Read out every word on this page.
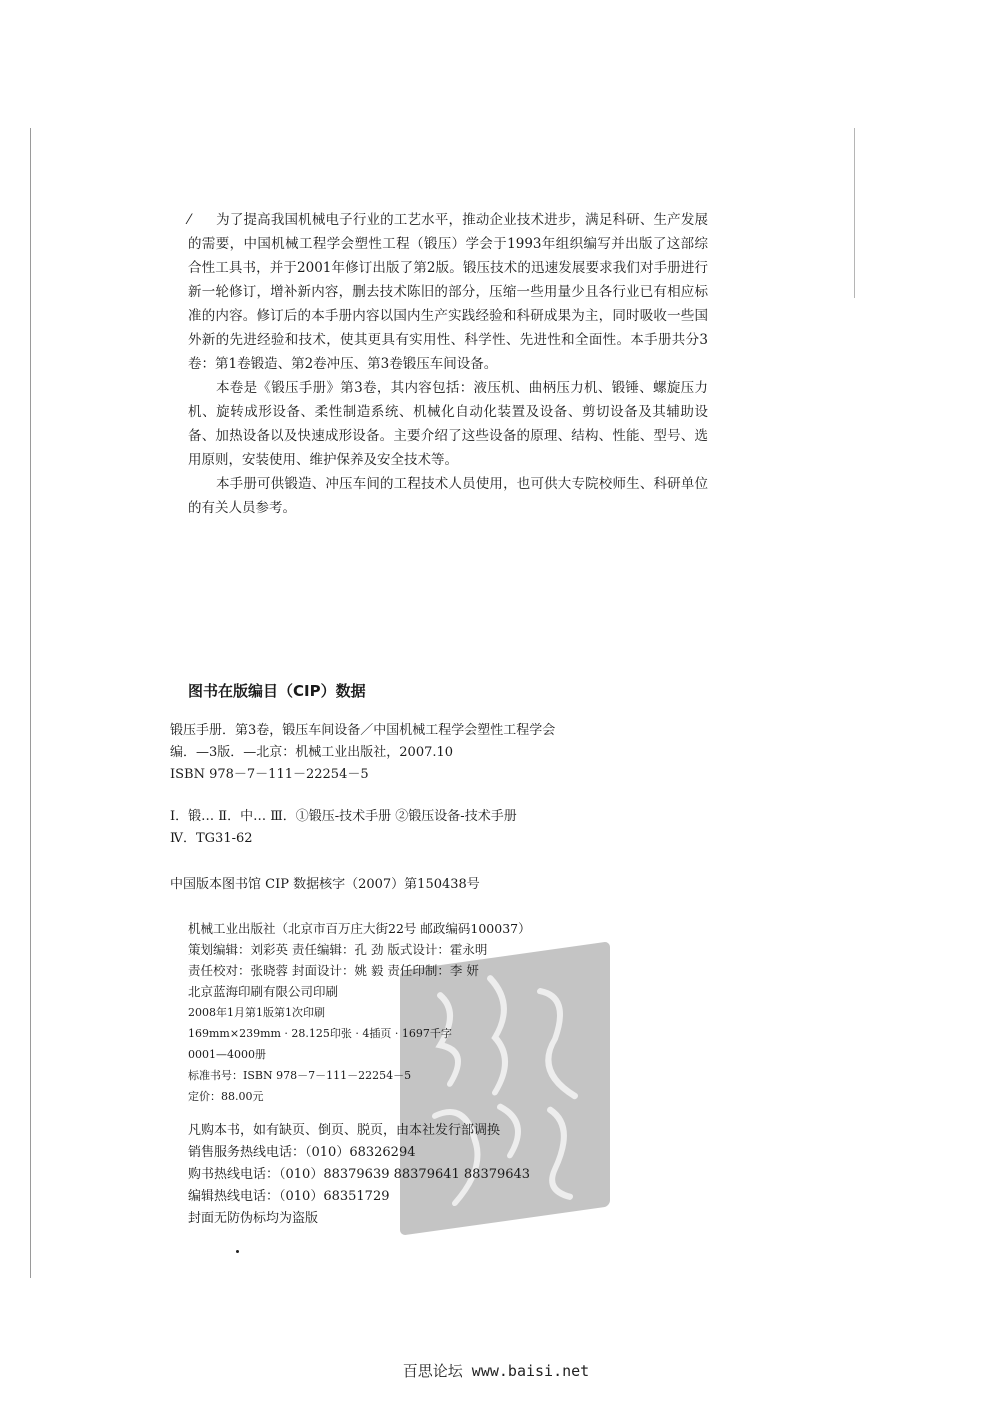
⁄ 为了提高我国机械电子行业的工艺水平，推动企业技术进步，满足科研、生产发展的需要，中国机械工程学会塑性工程（锻压）学会于1993年组织编写并出版了这部综合性工具书，并于2001年修订出版了第2版。锻压技术的迅速发展要求我们对手册进行新一轮修订，增补新内容，删去技术陈旧的部分，压缩一些用量少且各行业已有相应标准的内容。修订后的本手册内容以国内生产实践经验和科研成果为主，同时吸收一些国外新的先进经验和技术，使其更具有实用性、科学性、先进性和全面性。本手册共分3卷：第1卷锻造、第2卷冲压、第3卷锻压车间设备。

本卷是《锻压手册》第3卷，其内容包括：液压机、曲柄压力机、锻锤、螺旋压力机、旋转成形设备、柔性制造系统、机械化自动化装置及设备、剪切设备及其辅助设备、加热设备以及快速成形设备。主要介绍了这些设备的原理、结构、性能、型号、选用原则，安装使用、维护保养及安全技术等。

本手册可供锻造、冲压车间的工程技术人员使用，也可供大专院校师生、科研单位的有关人员参考。

图书在版编目（CIP）数据
锻压手册．第3卷，锻压车间设备／中国机械工程学会塑性工程学会
编．—3版．—北京：机械工业出版社，2007.10
ISBN 978－7－111－22254－5
Ⅰ．锻… Ⅱ．中… Ⅲ．①锻压-技术手册 ②锻压设备-技术手册
Ⅳ．TG31-62
中国版本图书馆 CIP 数据核字（2007）第150438号
机械工业出版社（北京市百万庄大街22号 邮政编码100037）
策划编辑：刘彩英 责任编辑：孔 劲 版式设计：霍永明
责任校对：张晓蓉 封面设计：姚 毅 责任印制：李 妍
北京蓝海印刷有限公司印刷
2008年1月第1版第1次印刷
169mm×239mm · 28.125印张 · 4插页 · 1697千字
0001—4000册
标准书号：ISBN 978－7－111－22254－5
定价：88.00元
凡购本书，如有缺页、倒页、脱页，由本社发行部调换
销售服务热线电话：（010）68326294
购书热线电话：（010）88379639 88379641 88379643
编辑热线电话：（010）68351729
封面无防伪标均为盗版
百思论坛 www.baisi.net
